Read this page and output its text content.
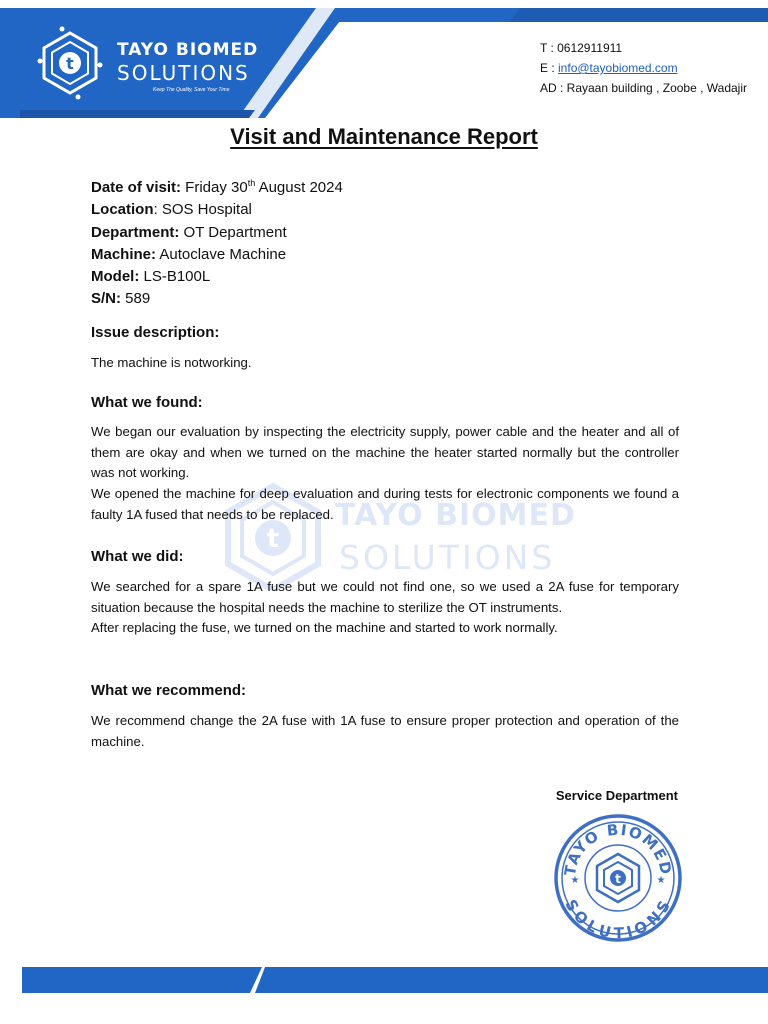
t
TAYO BIOMED
SOLUTIONS
Keep The Quality, Save Your Time
T : 0612911911
E : info@tayobiomed.com
AD : Rayaan building , Zoobe , Wadajir
t
TAYO BIOMED
SOLUTIONS
Visit and Maintenance Report
Date of visit: Friday 30th August 2024
Location: SOS Hospital
Department: OT Department
Machine: Autoclave Machine
Model: LS-B100L
S/N: 589
Issue description:

The machine is notworking.

What we found:

We began our evaluation by inspecting the electricity supply, power cable and the heater and all of them are okay and when we turned on the machine the heater started normally but the controller was not working.

We opened the machine for deep evaluation and during tests for electronic components we found a faulty 1A fused that needs to be replaced.

What we did:

We searched for a spare 1A fuse but we could not find one, so we used a 2A fuse for temporary situation because the hospital needs the machine to sterilize the OT instruments.

After replacing the fuse, we turned on the machine and started to work normally.

What we recommend:

We recommend change the 2A fuse with 1A fuse to ensure proper protection and operation of the machine.

Service Department
TAYO BIOMED
SOLUTIONS
★	★
t
